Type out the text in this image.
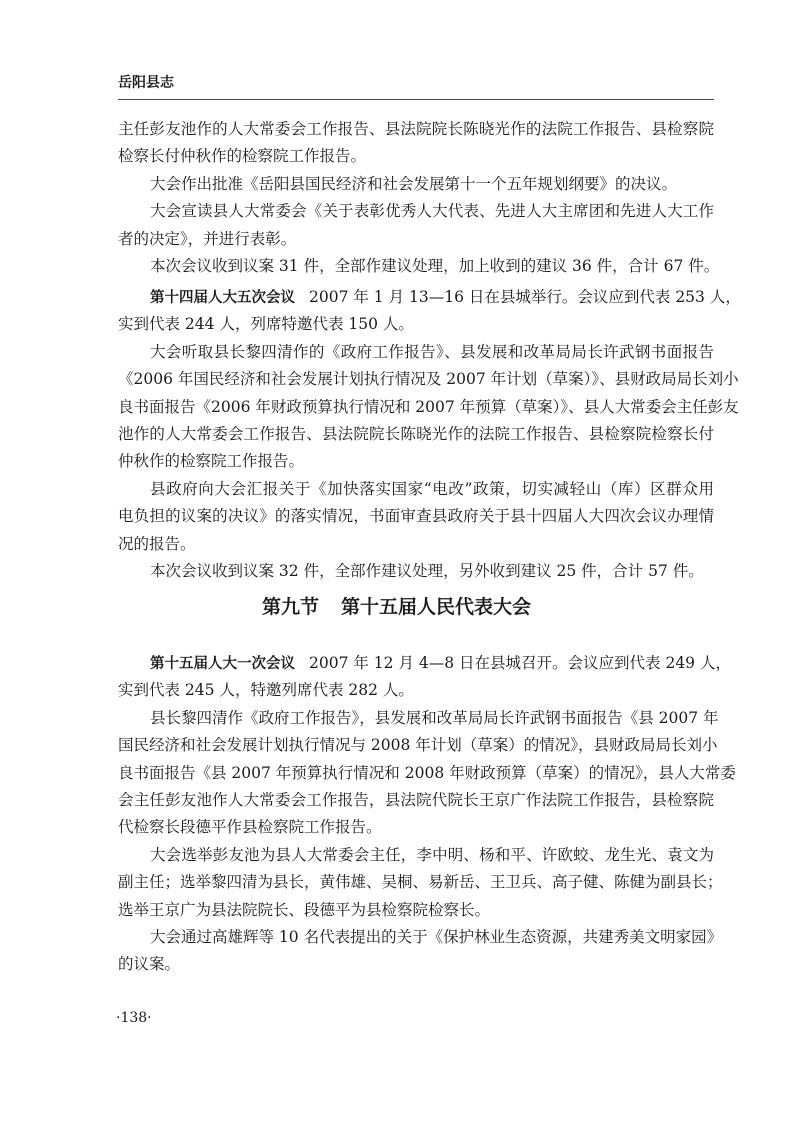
岳阳县志
主任彭友池作的人大常委会工作报告、县法院院长陈晓光作的法院工作报告、县检察院
检察长付仲秋作的检察院工作报告。
大会作出批准《岳阳县国民经济和社会发展第十一个五年规划纲要》的决议。
大会宣读县人大常委会《关于表彰优秀人大代表、先进人大主席团和先进人大工作
者的决定》，并进行表彰。
本次会议收到议案 31 件，全部作建议处理，加上收到的建议 36 件，合计 67 件。
第十四届人大五次会议 2007 年 1 月 13—16 日在县城举行。会议应到代表 253 人，
实到代表 244 人，列席特邀代表 150 人。
大会听取县长黎四清作的《政府工作报告》、县发展和改革局局长许武钢书面报告
《2006 年国民经济和社会发展计划执行情况及 2007 年计划（草案）》、县财政局局长刘小
良书面报告《2006 年财政预算执行情况和 2007 年预算（草案）》、县人大常委会主任彭友
池作的人大常委会工作报告、县法院院长陈晓光作的法院工作报告、县检察院检察长付
仲秋作的检察院工作报告。
县政府向大会汇报关于《加快落实国家“电改”政策，切实减轻山（库）区群众用
电负担的议案的决议》的落实情况，书面审查县政府关于县十四届人大四次会议办理情
况的报告。
本次会议收到议案 32 件，全部作建议处理，另外收到建议 25 件，合计 57 件。
第九节 第十五届人民代表大会
第十五届人大一次会议 2007 年 12 月 4—8 日在县城召开。会议应到代表 249 人，
实到代表 245 人，特邀列席代表 282 人。
县长黎四清作《政府工作报告》，县发展和改革局局长许武钢书面报告《县 2007 年
国民经济和社会发展计划执行情况与 2008 年计划（草案）的情况》，县财政局局长刘小
良书面报告《县 2007 年预算执行情况和 2008 年财政预算（草案）的情况》，县人大常委
会主任彭友池作人大常委会工作报告，县法院代院长王京广作法院工作报告，县检察院
代检察长段德平作县检察院工作报告。
大会选举彭友池为县人大常委会主任，李中明、杨和平、许欧蛟、龙生光、袁文为
副主任；选举黎四清为县长，黄伟雄、吴桐、易新岳、王卫兵、高子健、陈健为副县长；
选举王京广为县法院院长、段德平为县检察院检察长。
大会通过高雄辉等 10 名代表提出的关于《保护林业生态资源，共建秀美文明家园》
的议案。
·138·
